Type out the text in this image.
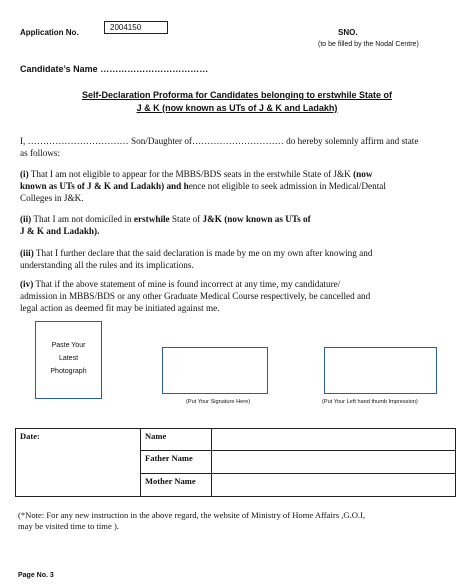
Application No.
2004150
SNO.
(to be filled by the Nodal Centre)
Candidate’s Name ………………………………
Self-Declaration Proforma for Candidates belonging to erstwhile State of
J & K (now known as UTs of J & K and Ladakh)
I, …………………………… Son/Daughter of………………………… do hereby solemnly affirm and state
as follows:
(i) That I am not eligible to appear for the MBBS/BDS seats in the erstwhile State of J&K (now
known as UTs of J & K and Ladakh) and hence not eligible to seek admission in Medical/Dental
Colleges in J&K.
(ii) That I am not domiciled in erstwhile State of J&K (now known as UTs of
J & K and Ladakh).
(iii) That I further declare that the said declaration is made by me on my own after knowing and
understanding all the rules and its implications.
(iv) That if the above statement of mine is found incorrect at any time, my candidature/
admission in MBBS/BDS or any other Graduate Medical Course respectively, be cancelled and
legal action as deemed fit may be initiated against me.
Paste Your
Latest
Photograph
(Put Your Signature Here)	(Put Your Left hand thumb Impression)
Date:	Name	
	Father Name	
	Mother Name	
(*Note: For any new instruction in the above regard, the website of Ministry of Home Affairs ,G.O.I,
may be visited time to time ).
Page No. 3
